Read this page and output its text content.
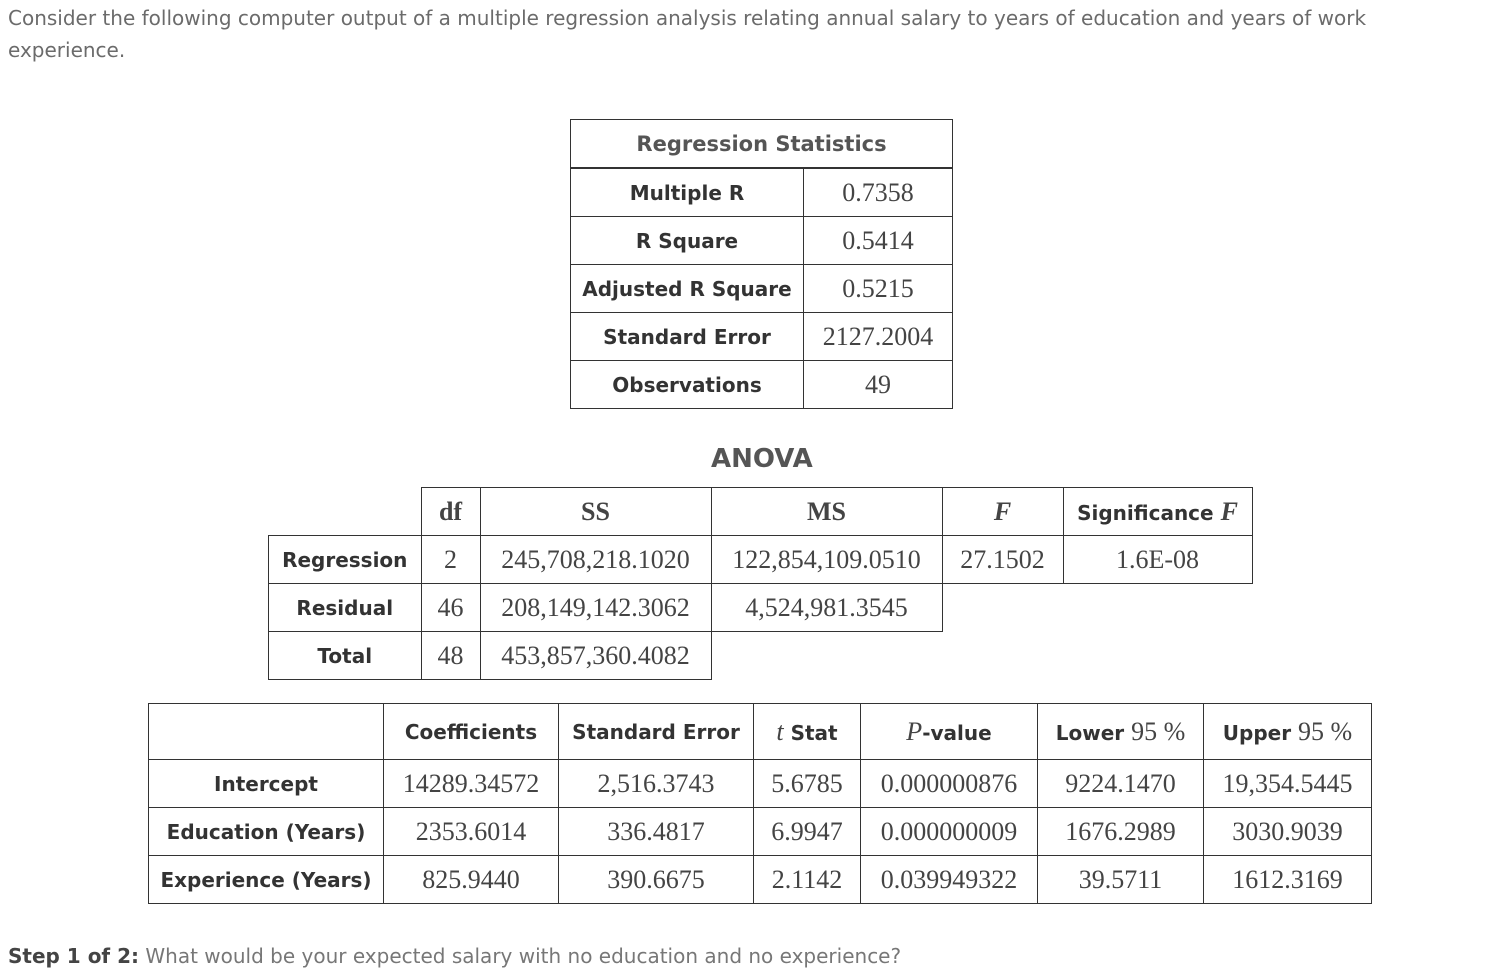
Consider the following computer output of a multiple regression analysis relating annual salary to years of education and years of work experience.

Regression Statistics	
Multiple R	0.7358
R Square	0.5414
Adjusted R Square	0.5215
Standard Error	2127.2004
Observations	49
ANOVA
	df	SS	MS	F	Significance F
Regression	2	245,708,218.1020	122,854,109.0510	27.1502	1.6E-08
Residual	46	208,149,142.3062	4,524,981.3545		
Total	48	453,857,360.4082			
	Coefficients	Standard Error	t Stat	P-value	Lower 95 %	Upper 95 %
Intercept	14289.34572	2,516.3743	5.6785	0.000000876	9224.1470	19,354.5445
Education (Years)	2353.6014	336.4817	6.9947	0.000000009	1676.2989	3030.9039
Experience (Years)	825.9440	390.6675	2.1142	0.039949322	39.5711	1612.3169
Step 1 of 2: What would be your expected salary with no education and no experience?
